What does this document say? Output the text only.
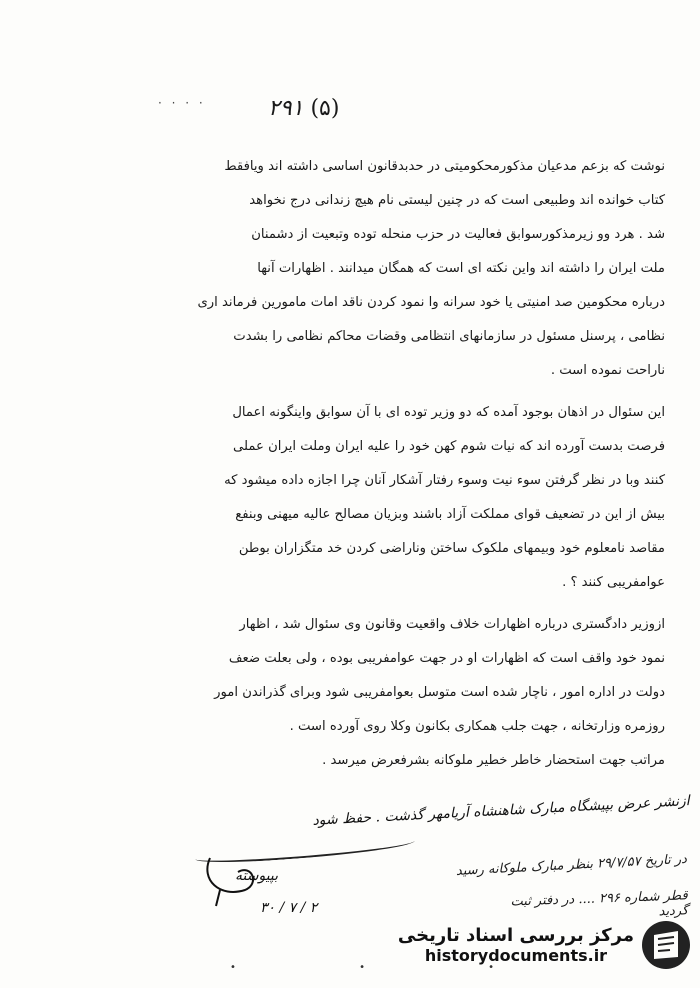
· · · ·	۲۹۱ (۵)

نوشت که بزعم مدعیان مذکورمحکومیتی در حدبدقانون اساسی داشته اند ویافقط

کتاب خوانده اند وطبیعی است که در چنین لیستی نام هیچ زندانی درج نخواهد

شد . هرد وو زیرمذکورسوابق فعالیت در حزب منحله توده وتبعیت از دشمنان

ملت ایران را داشته اند واین نکته ای است که همگان میدانند . اظهارات آنها

درباره محکومین صد امنیتی یا خود سرانه وا نمود کردن ناقد امات مامورین فرماند اری

نظامی ، پرسنل مسئول در سازمانهای انتظامی وقضات محاکم نظامی را بشدت

ناراحت نموده است .

این سئوال در اذهان بوجود آمده که دو وزیر توده ای با آن سوابق واینگونه اعمال

فرصت بدست آورده اند که نیات شوم کهن خود را علیه ایران وملت ایران عملی

کنند وبا در نظر گرفتن سوء نیت وسوء رفتار آشکار آنان چرا اجازه داده میشود که

بیش از این در تضعیف قوای مملکت آزاد باشند وبزیان مصالح عالیه میهنی وبنفع

مقاصد نامعلوم خود وبیمهای ملکوک ساختن وناراضی کردن خد متگزاران بوطن

عوامفریبی کنند ؟ .

ازوزیر دادگستری درباره اظهارات خلاف واقعیت وقانون وی سئوال شد ، اظهار

نمود خود واقف است که اظهارات او در جهت عوامفریبی بوده ، ولی بعلت ضعف

دولت در اداره امور ، ناچار شده است متوسل بعوامفریبی شود وبرای گذراندن امور

روزمره وزارتخانه ، جهت جلب همکاری بکانون وکلا روی آورده است .

مراتب جهت استحضار خاطر خطیر ملوکانه بشرفعرض میرسد .

ازنشر عرض بپیشگاه مبارک شاهنشاه آریامهر گذشت . حفظ شود
بپیوسته
۳۰ / ۷ / ۲
در تاریخ ۲۹/۷/۵۷ بنظر مبارک ملوکانه رسید
قطر شماره ۲۹۶ .... در دفتر ثبت گردید
• • •
مرکز بررسی اسناد تاریخی
historydocuments.ir
